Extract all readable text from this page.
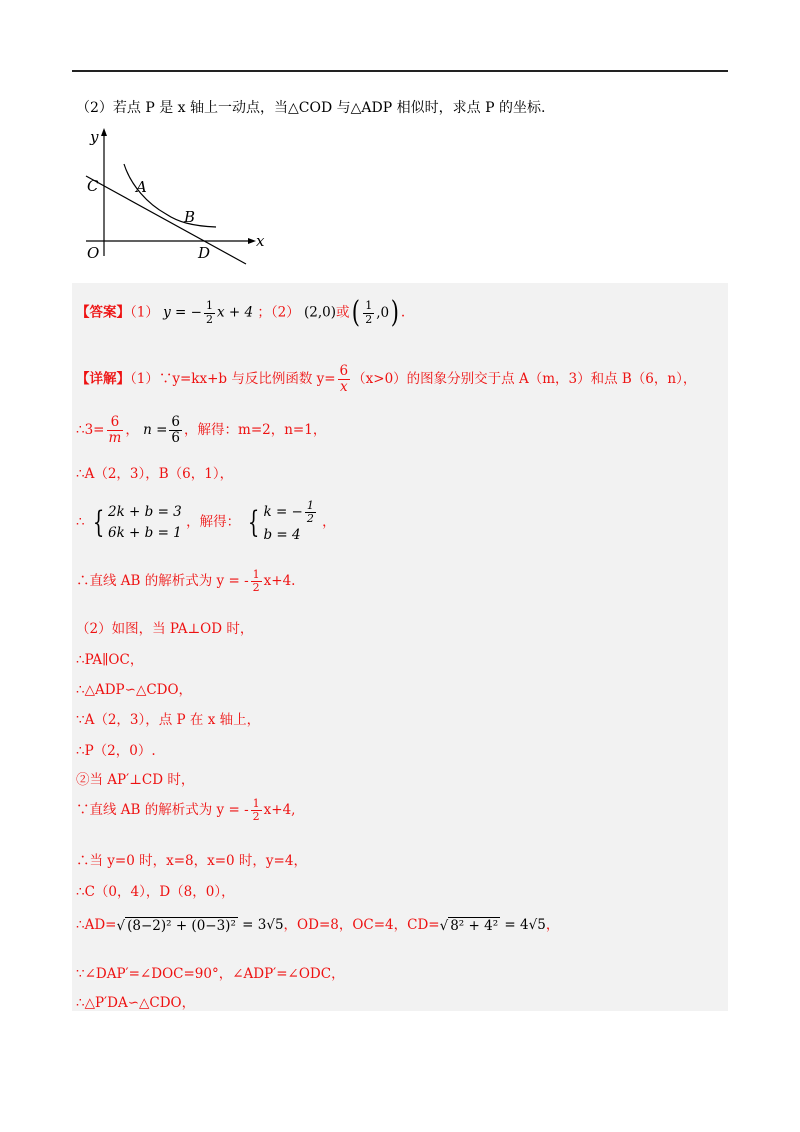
（2）若点 P 是 x 轴上一动点，当△COD 与△ADP 相似时，求点 P 的坐标.
y
x
C	A
B
O	D
【答案】（1） y = − $\frac{1}{2}$ x + 4 ；（2） (2,0)或( $\frac{1}{2} ,0$) .
【详解】（1）∵y=kx+b 与反比例函数 $y= \frac{6}{x} (x>0)$的图象分别交于点 A（m，3）和点 B（6，n），
∴3= $\frac{6}{m}$ ， $n = \frac{6}{6}$ ，解得：m=2，n=1，
∴A（2，3），B（6，1），
∴ { 2k + b = 3
6k + b = 1
，解得： { k = − $\frac{1}{2}$
b = 4
，
∴直线 AB 的解析式为 y = - $\frac{1}{2} x+4$.
（2）如图，当 PA⊥OD 时，
∴PA∥OC，
∴△ADP∽△CDO，
∵A（2，3），点 P 在 x 轴上，
∴P（2，0）.
②当 AP′⊥CD 时，
∵直线 AB 的解析式为 y = - $\frac{1}{2} x+4$,
∴当 y=0 时，x=8，x=0 时，y=4，
∴C（0，4），D（8，0），
∴AD=√ (8−2)² + (0−3)² = 3√5，OD=8，OC=4，CD=√ 8² + 4² = 4√5，
∵∠DAP′=∠DOC=90°，∠ADP′=∠ODC，
∴△P′DA∽△CDO，
